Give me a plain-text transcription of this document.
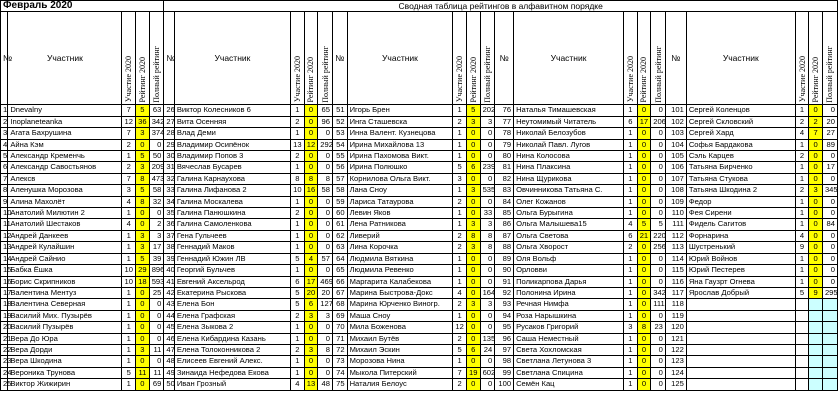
Февраль 2020					Сводная таблица рейтингов в алфавитном порядке																			
№	Участник	Участие 2020	Рейтинг 2020	Полный рейтинг	№	Участник	Участие 2020	Рейтинг 2020	Полный рейтинг	№	Участник	Участие 2020	Рейтинг 2020	Полный рейтинг	№	Участник	Участие 2020	Рейтинг 2020	Полный рейтинг	№	Участник	Участие 2020	Рейтинг 2020	Полный рейтинг

1	Dnevalny	7	5	63	26	Виктор Колесников 6	1	0	65	51	Игорь Брен	1	5	202	76	Наталья Тимашевская	1	0	0	101	Сергей Коленцов	1	0	0
2	Inoplaneteanka	12	36	342	27	Вита Осенняя	2	0	96	52	Инга Сташевска	2	3	3	77	Неутомимый Читатель	6	17	206	102	Сергей Скловский	2	2	20
3	Агата Бахрушина	7	3	374	28	Влад Деми	1	0	0	53	Инна Валент. Кузнецова	1	0	0	78	Николай Белозубов	1	0	0	103	Сергей Хард	4	7	27
4	Айна Кэм	2	0	0	29	Владимир Осипёнок	13	12	292	54	Ирина Михайлова 13	1	0	0	79	Николай Павл. Лугов	1	0	0	104	Софья Бардакова	1	0	89
5	Александр Кременчь	1	5	50	30	Владимир Попов 3	2	0	0	55	Ирина Пахомова Викт.	1	0	0	80	Нина Колосова	1	0	0	105	Сэль Карцев	2	0	0
6	Александр Савостьянов	2	3	209	31	Вячеслав Бусарев	1	0	0	56	Ирина Полюшко	5	6	239	81	Нина Плаксина	1	0	0	106	Татьяна Бирченко	1	0	17
7	Алексв	7	8	473	32	Галина Карнаухова	8	8	8	57	Корнилова Ольга Викт.	3	0	0	82	Нина Щурикова	1	0	0	107	Татьяна Стукова	1	0	0
8	Аленушка Морозова	3	5	58	33	Галина Лифанова 2	10	16	58	58	Лана Сноу	1	3	535	83	Овчинникова Татьяна С.	1	0	0	108	Татьяна Шкодина 2	2	3	345
9	Алина Махолёт	4	8	32	34	Галина Москалева	1	0	0	59	Лариса Татаурова	2	0	0	84	Олег Кожанов	1	0	0	109	Федор	1	0	0
10	Анатолий Милютин 2	1	0	0	35	Галина Панюшкина	2	0	0	60	Левин Яков	1	0	33	85	Ольга Бурыгина	1	0	0	110	Фея Сирени	1	0	0
11	Анатолий Шестаков	4	0	2	36	Галина Самоленкова	1	0	0	61	Лена Ратникова	1	3	3	86	Ольга Малышева15	4	5	5	111	Фидель Сагитов	1	0	84
12	Андрей Данкеев	1	3	3	37	Гена Гульчеев	1	0	0	62	Ливерий	2	8	8	87	Ольга Светова	6	21	220	112	Форнарина	4	0	0
13	Андрей Кулайшин	1	3	17	38	Геннадий Маков	1	0	0	63	Лина Корочка	2	3	8	88	Ольга Хворост	2	0	256	113	Шустренький	9	0	0
14	Андрей Сайнио	1	5	39	39	Геннадий Южин ЛВ	5	4	57	64	Людмила Вяткина	1	0	0	89	Оля Вольф	1	0	0	114	Юрий Войнов	1	0	0
15	Бабка Ёшка	10	29	896	40	Георгий Бульчев	1	0	0	65	Людмила Ревенко	1	0	0	90	Орловви	1	0	0	115	Юрий Пестерев	1	0	0
16	Борис Скрипников	10	18	593	41	Евгений Аксельрод	6	17	469	66	Маргарита Калабекова	1	0	0	91	Поликарпова Дарья	1	0	0	116	Яна Гаузрт Огнева	1	0	0
17	Валентина Ментуз	1	0	25	42	Екатерина Рыскова	5	20	20	67	Марина Быстрова-Докс	4	0	164	92	Полонина Ирина	1	0	342	117	Ярослав Добрый	5	9	295
18	Валентина Северная	1	0	0	43	Елена Бон	5	6	127	68	Марина Юрченко Виногр.	2	3	3	93	Речная Нимфа	1	0	111	118				
19	Василий Мих. Пузырёв	1	0	0	44	Елена Графская	2	3	3	69	Маша Сноу	1	0	0	94	Роза Нарышкина	1	0	0	119				
20	Василий Пузырёв	1	0	0	45	Елена Зыкова 2	1	0	0	70	Мила Боженова	12	0	0	95	Русаков Григорий	3	8	23	120				
21	Вера До Юра	1	0	0	46	Елена Кибардина Казань	1	0	0	71	Михаил Бутёв	2	0	135	96	Саша Неместный	1	0	0	121				
22	Вера Дорди	1	3	11	47	Елена Толоконникова 2	2	3	8	72	Михаил Эскин	5	6	24	97	Света Хохломская	1	0	0	122				
23	Вера Шкодина	1	0	0	48	Елисеев Евгений Алекс.	1	0	0	73	Морозова Нина	1	0	0	98	Светлана Летунова 3	1	0	0	123				
24	Вероника Трунова	5	11	11	49	Зинаида Нефедова Екова	1	0	0	74	Мыкола Питерский	7	19	602	99	Светлана Спицина	1	0	0	124				
25	Виктор Жижирин	1	0	69	50	Иван Грозный	4	13	48	75	Наталия Белоус	2	0	0	100	Семён Кац	1	0	0	125				
